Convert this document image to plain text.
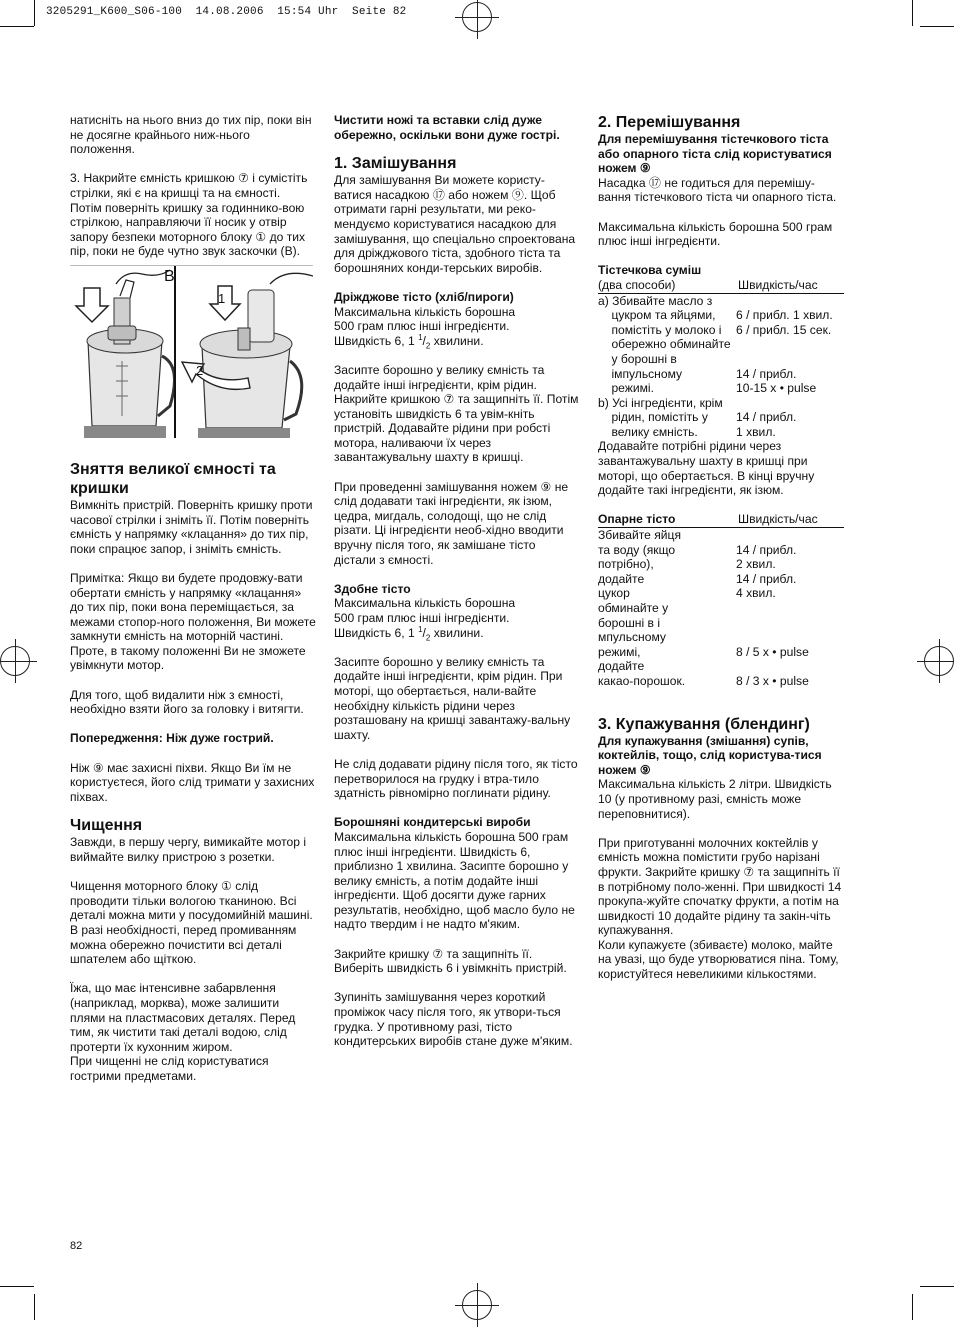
3205291_K600_S06-100  14.08.2006  15:54 Uhr  Seite 82

натисніть на нього вниз до тих пір, поки він не досягне крайнього ниж-нього положення.

3. Накрийте ємність кришкою ⑦ і сумістіть стрілки, які є на кришці та на ємності.

Потім поверніть кришку за годиннико-вою стрілкою, направляючи її носик у отвір запору безпеки моторного блоку ① до тих пір, поки не буде чутно звук заскочки (B).

B
1
2
Зняття великої ємності та кришки

Вимкніть пристрій. Поверніть кришку проти часової стрілки і зніміть її. Потім поверніть ємність у напрямку «клацання» до тих пір, поки спрацює запор, і зніміть ємність.

Примітка: Якщо ви будете продовжу-вати обертати ємність у напрямку «клацання» до тих пір, поки вона переміщається, за межами стопор-ного положення, Ви можете замкнути ємність на моторній частині. Проте, в такому положенні Ви не зможете увімкнути мотор.

Для того, щоб видалити ніж з ємності, необхідно взяти його за головку і витягти.

Попередження: Ніж дуже гострий.

Ніж ⑨ має захисні піхви. Якщо Ви їм не користуєтеся, його слід тримати у захисних піхвах.

Чищення

Завжди, в першу чергу, вимикайте мотор і виймайте вилку пристрою з розетки.

Чищення моторного блоку ① слід проводити тільки вологою тканиною. Всі деталі можна мити у посудомийній машині. В разі необхідності, перед промиванням можна обережно почистити всі деталі шпателем або щіткою.

Їжа, що має інтенсивне забарвлення (наприклад, морква), може залишити плями на пластмасових деталях. Перед тим, як чистити такі деталі водою, слід протерти їх кухонним жиром.

При чищенні не слід користуватися гострими предметами.

Чистити ножі та вставки слід дуже обережно, оскільки вони дуже гострі.

1. Замішування

Для замішування Ви можете користу-ватися насадкою ⑰ або ножем ⑨. Щоб отримати гарні результати, ми реко-мендуємо користуватися насадкою для замішування, що спеціально спроектована для дріжджового тіста, здобного тіста та борошняних конди-терських виробів.

Дріжджове тісто (хліб/пироги)

Максимальна кількість борошна

500 грам плюс інші інгредієнти.

Швидкість 6, 1 $^1/_2$ хвилини.

Засипте борошно у велику ємність та додайте інші інгредієнти, крім рідин. Накрийте кришкою ⑦ та защипніть її. Потім установіть швидкість 6 та увім-кніть пристрій. Додавайте рідини при робсті мотора, наливаючи їх через завантажувальну шахту в кришці.

При проведенні замішування ножем ⑨ не слід додавати такі інгредієнти, як ізюм, цедра, мигдаль, солодощі, що не слід різати. Ці інгредієнти необ-хідно вводити вручну після того, як замішане тісто дістали з ємності.

Здобне тісто

Максимальна кількість борошна

500 грам плюс інші інгредієнти.

Швидкість 6, 1 $^1/_2$ хвилини.

Засипте борошно у велику ємність та додайте інші інгредієнти, крім рідин. При моторі, що обертається, нали-вайте необхідну кількість рідини через розташовану на кришці завантажу-вальну шахту.

Не слід додавати рідину після того, як тісто перетворилося на грудку і втра-тило здатність рівномірно поглинати рідину.

Борошняні кондитерські вироби

Максимальна кількість борошна 500 грам плюс інші інгредієнти. Швидкість 6, приблизно 1 хвилина. Засипте борошно у велику ємність, а потім додайте інші інгредієнти. Щоб досягти дуже гарних результатів, необхідно, щоб масло було не надто твердим і не надто м'яким.

Закрийте кришку ⑦ та защипніть її. Виберіть швидкість 6 і увімкніть пристрій.

Зупиніть замішування через короткий проміжок часу після того, як утвори-ться грудка. У противному разі, тісто кондитерських виробів стане дуже м'яким.

2. Перемішування

Для перемішування тістечкового тіста або опарного тіста слід користуватися ножем ⑨

Насадка ⑰ не годиться для перемішу-вання тістечкового тіста чи опарного тіста.

Максимальна кількість борошна 500 грам плюс інші інгредієнти.

Тістечкова суміш

(два способи)	Швидкість/час
a) Збивайте масло з
цукром та яйцями,	6 / прибл. 1 хвил.
помістіть у молоко і	6 / прибл. 15 сек.
обережно обминайте
у борошні в
імпульсному	14 / прибл.
режимі.	10-15 x • pulse
b) Усі інгредієнти, крім
рідин, помістіть у	14 / прибл.
велику ємність.	1 хвил.

Додавайте потрібні рідини через завантажувальну шахту в кришці при моторі, що обертається. В кінці вручну додайте такі інгредієнти, як ізюм.

Опарне тісто	Швидкість/час
Збивайте яйця
та воду (якщо	14 / прибл.
потрібно),	2 хвил.
додайте	14 / прибл.
цукор	4 хвил.
обминайте у
борошні в і
мпульсному
режимі,	8 / 5 x • pulse
додайте
какао-порошок.	8 / 3 x • pulse
3. Купажування (блендинг)

Для купажування (змішання) супів, коктейлів, тощо, слід користува-тися ножем ⑨

Максимальна кількість 2 літри. Швидкість 10 (у противному разі, ємність може переповнитися).

При приготуванні молочних коктейлів у ємність можна помістити грубо нарізані фрукти. Закрийте кришку ⑦ та защипніть її в потрібному поло-женні. При швидкості 14 прокупа-жуйте спочатку фрукти, а потім на швидкості 10 додайте рідину та закін-чіть купажування.

Коли купажуєте (збиваєте) молоко, майте на увазі, що буде утворюватися піна. Тому, користуйтеся невеликими кількостями.

82
